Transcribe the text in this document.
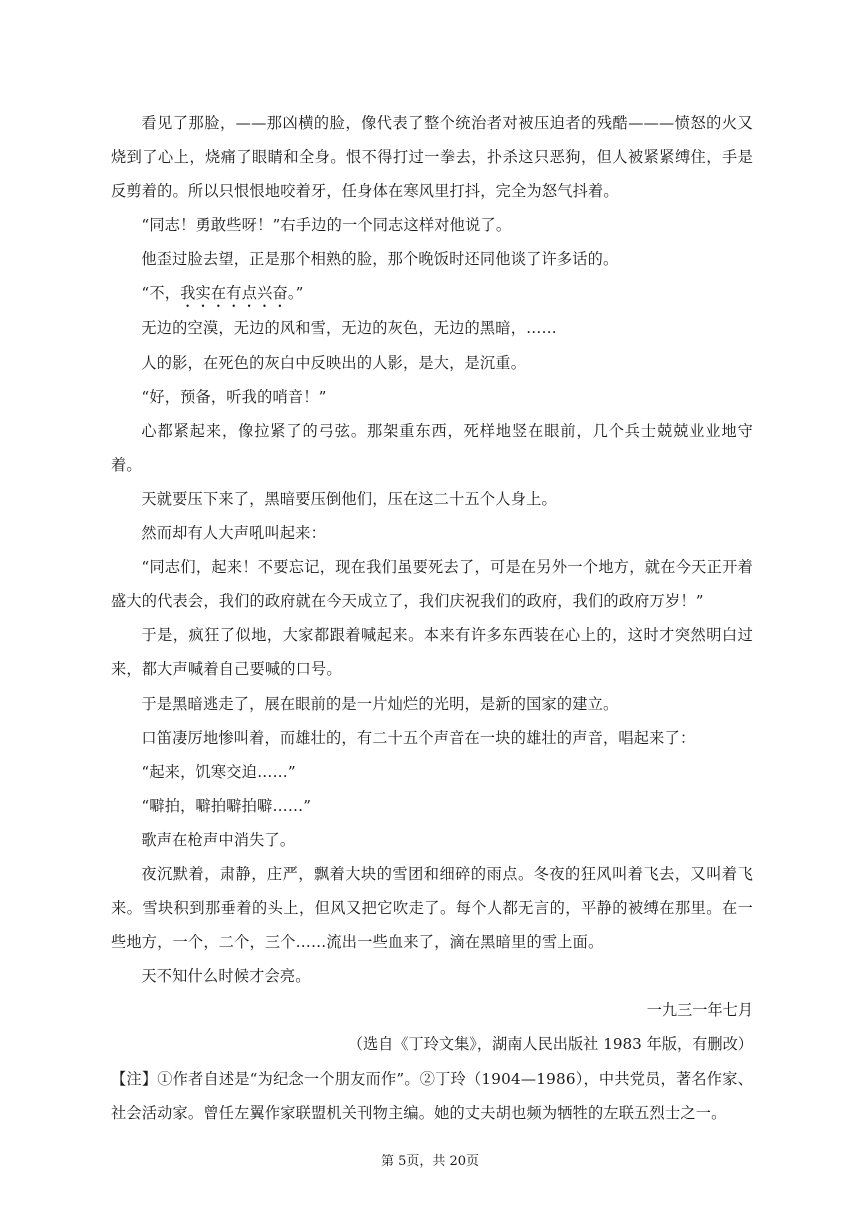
看见了那脸，——那凶横的脸，像代表了整个统治者对被压迫者的残酷———愤怒的火又烧到了心上，烧痛了眼睛和全身。恨不得打过一拳去，扑杀这只恶狗，但人被紧紧缚住，手是反剪着的。所以只恨恨地咬着牙，任身体在寒风里打抖，完全为怒气抖着。

“同志！勇敢些呀！”右手边的一个同志这样对他说了。

他歪过脸去望，正是那个相熟的脸，那个晚饭时还同他谈了许多话的。

“不，我实在有点兴奋。”

无边的空漠，无边的风和雪，无边的灰色，无边的黑暗，……

人的影，在死色的灰白中反映出的人影，是大，是沉重。

“好，预备，听我的哨音！”

心都紧起来，像拉紧了的弓弦。那架重东西，死样地竖在眼前，几个兵士兢兢业业地守着。

天就要压下来了，黑暗要压倒他们，压在这二十五个人身上。

然而却有人大声吼叫起来：

“同志们，起来！不要忘记，现在我们虽要死去了，可是在另外一个地方，就在今天正开着盛大的代表会，我们的政府就在今天成立了，我们庆祝我们的政府，我们的政府万岁！”

于是，疯狂了似地，大家都跟着喊起来。本来有许多东西装在心上的，这时才突然明白过来，都大声喊着自己要喊的口号。

于是黑暗逃走了，展在眼前的是一片灿烂的光明，是新的国家的建立。

口笛凄厉地惨叫着，而雄壮的，有二十五个声音在一块的雄壮的声音，唱起来了：

“起来，饥寒交迫……”

“噼拍，噼拍噼拍噼……”

歌声在枪声中消失了。

夜沉默着，肃静，庄严，飘着大块的雪团和细碎的雨点。冬夜的狂风叫着飞去，又叫着飞来。雪块积到那垂着的头上，但风又把它吹走了。每个人都无言的，平静的被缚在那里。在一些地方，一个，二个，三个……流出一些血来了，滴在黑暗里的雪上面。

天不知什么时候才会亮。

一九三一年七月

（选自《丁玲文集》，湖南人民出版社 1983 年版，有删改）

【注】①作者自述是“为纪念一个朋友而作”。②丁玲（1904—1986），中共党员，著名作家、社会活动家。曾任左翼作家联盟机关刊物主编。她的丈夫胡也频为牺牲的左联五烈士之一。

第 5页，共 20页
